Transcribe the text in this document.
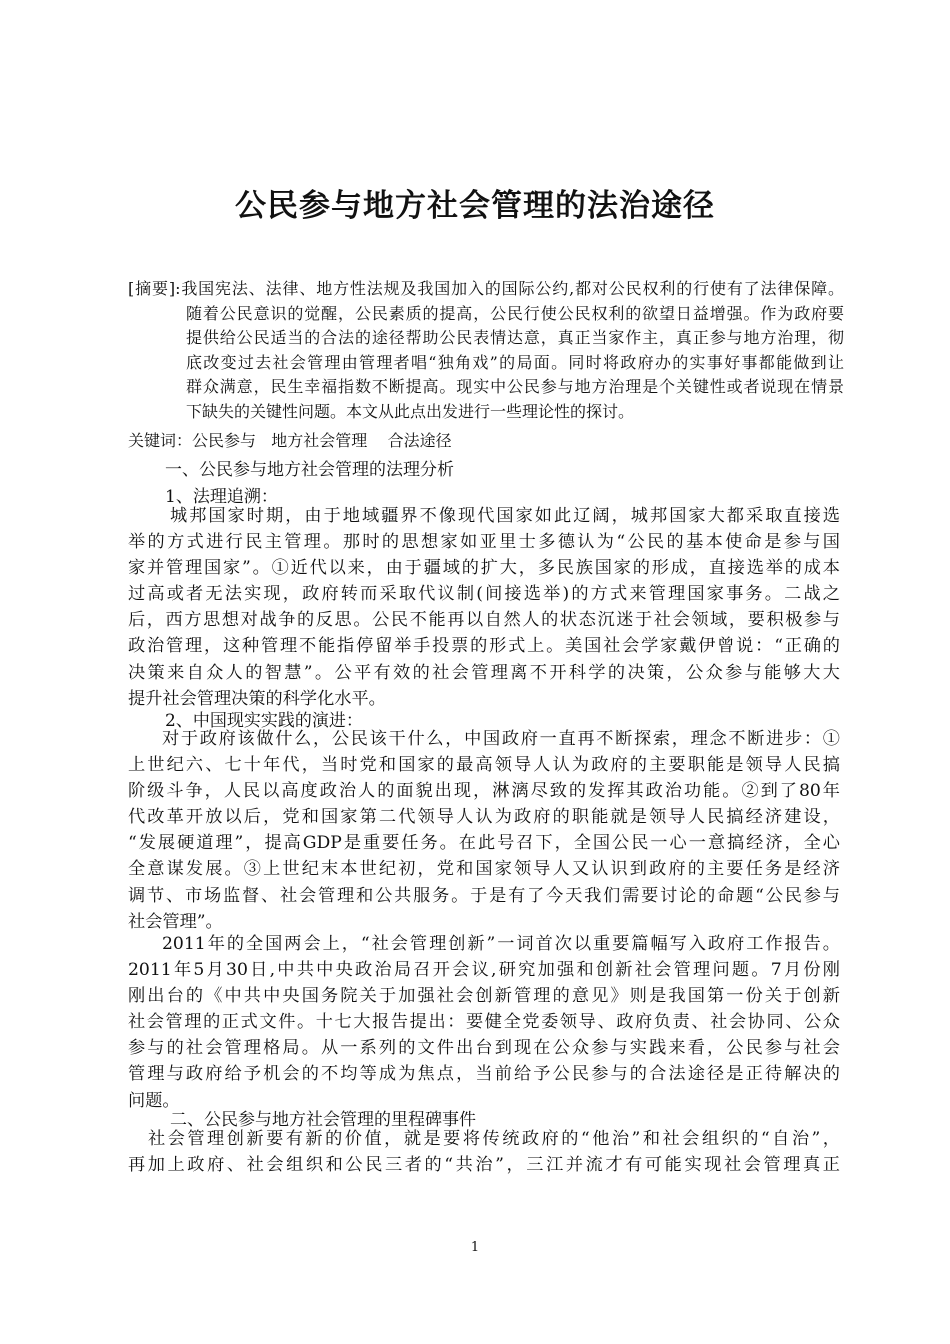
公民参与地方社会管理的法治途径
[摘要]:我国宪法、法律、地方性法规及我国加入的国际公约,都对公民权利的行使有了法律保障。
随着公民意识的觉醒，公民素质的提高，公民行使公民权利的欲望日益增强。作为政府要
提供给公民适当的合法的途径帮助公民表情达意，真正当家作主，真正参与地方治理，彻
底改变过去社会管理由管理者唱“独角戏”的局面。同时将政府办的实事好事都能做到让
群众满意，民生幸福指数不断提高。现实中公民参与地方治理是个关键性或者说现在情景
下缺失的关键性问题。本文从此点出发进行一些理论性的探讨。
关键词：公民参与   地方社会管理    合法途径
一、公民参与地方社会管理的法理分析
1、法理追溯：
城邦国家时期，由于地域疆界不像现代国家如此辽阔，城邦国家大都采取直接选
举的方式进行民主管理。那时的思想家如亚里士多德认为“公民的基本使命是参与国
家并管理国家”。①近代以来，由于疆域的扩大，多民族国家的形成，直接选举的成本
过高或者无法实现，政府转而采取代议制(间接选举)的方式来管理国家事务。二战之
后，西方思想对战争的反思。公民不能再以自然人的状态沉迷于社会领域，要积极参与
政治管理，这种管理不能指停留举手投票的形式上。美国社会学家戴伊曾说：“正确的
决策来自众人的智慧”。公平有效的社会管理离不开科学的决策，公众参与能够大大
提升社会管理决策的科学化水平。
2、中国现实实践的演进：
对于政府该做什么，公民该干什么，中国政府一直再不断探索，理念不断进步：①
上世纪六、七十年代，当时党和国家的最高领导人认为政府的主要职能是领导人民搞
阶级斗争，人民以高度政治人的面貌出现，淋漓尽致的发挥其政治功能。②到了80年
代改革开放以后，党和国家第二代领导人认为政府的职能就是领导人民搞经济建设，
“发展硬道理”，提高GDP是重要任务。在此号召下，全国公民一心一意搞经济，全心
全意谋发展。③上世纪末本世纪初，党和国家领导人又认识到政府的主要任务是经济
调节、市场监督、社会管理和公共服务。于是有了今天我们需要讨论的命题“公民参与
社会管理”。
2011年的全国两会上，“社会管理创新”一词首次以重要篇幅写入政府工作报告。
2011年5月30日,中共中央政治局召开会议,研究加强和创新社会管理问题。7月份刚
刚出台的《中共中央国务院关于加强社会创新管理的意见》则是我国第一份关于创新
社会管理的正式文件。十七大报告提出：要健全党委领导、政府负责、社会协同、公众
参与的社会管理格局。从一系列的文件出台到现在公众参与实践来看，公民参与社会
管理与政府给予机会的不均等成为焦点，当前给予公民参与的合法途径是正待解决的
问题。
二、公民参与地方社会管理的里程碑事件
社会管理创新要有新的价值，就是要将传统政府的“他治”和社会组织的“自治”，
再加上政府、社会组织和公民三者的“共治”，三江并流才有可能实现社会管理真正
1
